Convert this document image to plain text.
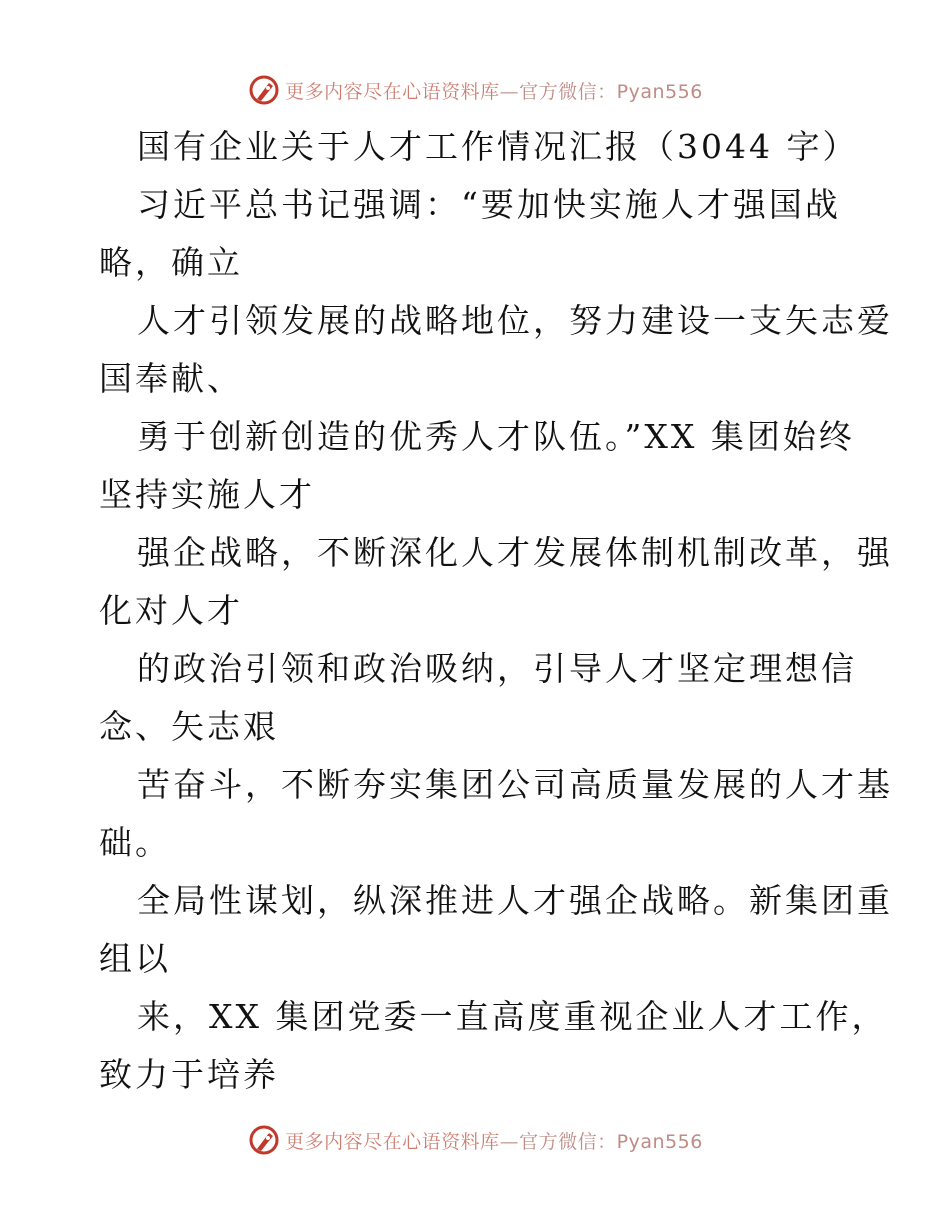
更多内容尽在心语资料库—官方微信：Pyan556
国有企业关于人才工作情况汇报（3044 字）
习近平总书记强调：“要加快实施人才强国战
略，确立
人才引领发展的战略地位，努力建设一支矢志爱
国奉献、
勇于创新创造的优秀人才队伍。”XX 集团始终
坚持实施人才
强企战略，不断深化人才发展体制机制改革，强
化对人才
的政治引领和政治吸纳，引导人才坚定理想信
念、矢志艰
苦奋斗，不断夯实集团公司高质量发展的人才基
础。
全局性谋划，纵深推进人才强企战略。新集团重
组以
来，XX 集团党委一直高度重视企业人才工作，
致力于培养
更多内容尽在心语资料库—官方微信：Pyan556
